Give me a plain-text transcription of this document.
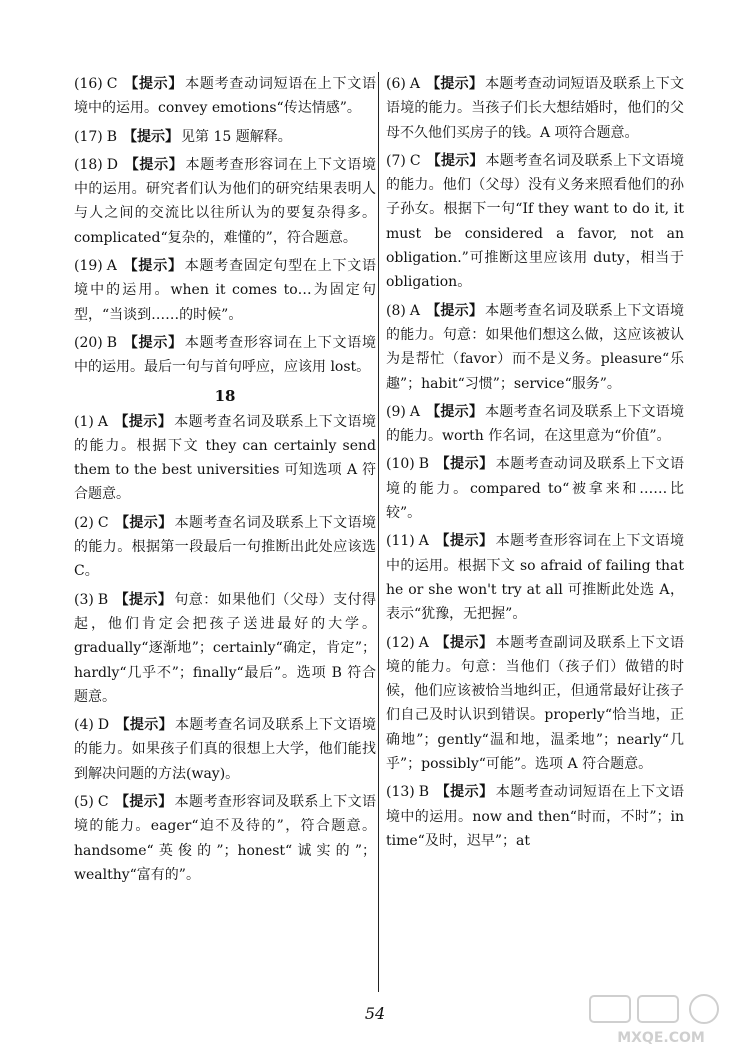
(16) C 【提示】 本题考查动词短语在上下文语境中的运用。convey emotions“传达情感”。

(17) B 【提示】 见第 15 题解释。

(18) D 【提示】 本题考查形容词在上下文语境中的运用。研究者们认为他们的研究结果表明人与人之间的交流比以往所认为的要复杂得多。complicated“复杂的，难懂的”，符合题意。

(19) A 【提示】 本题考查固定句型在上下文语境中的运用。when it comes to…为固定句型，“当谈到……的时候”。

(20) B 【提示】 本题考查形容词在上下文语境中的运用。最后一句与首句呼应，应该用 lost。

18

(1) A 【提示】 本题考查名词及联系上下文语境的能力。根据下文 they can certainly send them to the best universities 可知选项 A 符合题意。

(2) C 【提示】 本题考查名词及联系上下文语境的能力。根据第一段最后一句推断出此处应该选 C。

(3) B 【提示】 句意：如果他们（父母）支付得起，他们肯定会把孩子送进最好的大学。gradually“逐渐地”；certainly“确定，肯定”；hardly“几乎不”；finally“最后”。选项 B 符合题意。

(4) D 【提示】 本题考查名词及联系上下文语境的能力。如果孩子们真的很想上大学，他们能找到解决问题的方法(way)。

(5) C 【提示】 本题考查形容词及联系上下文语境的能力。eager“迫不及待的”，符合题意。handsome“英俊的”；honest“诚实的”；wealthy“富有的”。

(6) A 【提示】 本题考查动词短语及联系上下文语境的能力。当孩子们长大想结婚时，他们的父母不久他们买房子的钱。A 项符合题意。

(7) C 【提示】 本题考查名词及联系上下文语境的能力。他们（父母）没有义务来照看他们的孙子孙女。根据下一句“If they want to do it, it must be considered a favor, not an obligation.”可推断这里应该用 duty，相当于 obligation。

(8) A 【提示】 本题考查名词及联系上下文语境的能力。句意：如果他们想这么做，这应该被认为是帮忙（favor）而不是义务。pleasure“乐趣”；habit“习惯”；service“服务”。

(9) A 【提示】 本题考查名词及联系上下文语境的能力。worth 作名词，在这里意为“价值”。

(10) B 【提示】 本题考查动词及联系上下文语境的能力。compared to“被拿来和……比较”。

(11) A 【提示】 本题考查形容词在上下文语境中的运用。根据下文 so afraid of failing that he or she won't try at all 可推断此处选 A，表示“犹豫，无把握”。

(12) A 【提示】 本题考查副词及联系上下文语境的能力。句意：当他们（孩子们）做错的时候，他们应该被恰当地纠正，但通常最好让孩子们自己及时认识到错误。properly“恰当地，正确地”；gently“温和地，温柔地”；nearly“几乎”；possibly“可能”。选项 A 符合题意。

(13) B 【提示】 本题考查动词短语在上下文语境中的运用。now and then“时而，不时”；in time“及时，迟早”；at

54
MXQE.COM
